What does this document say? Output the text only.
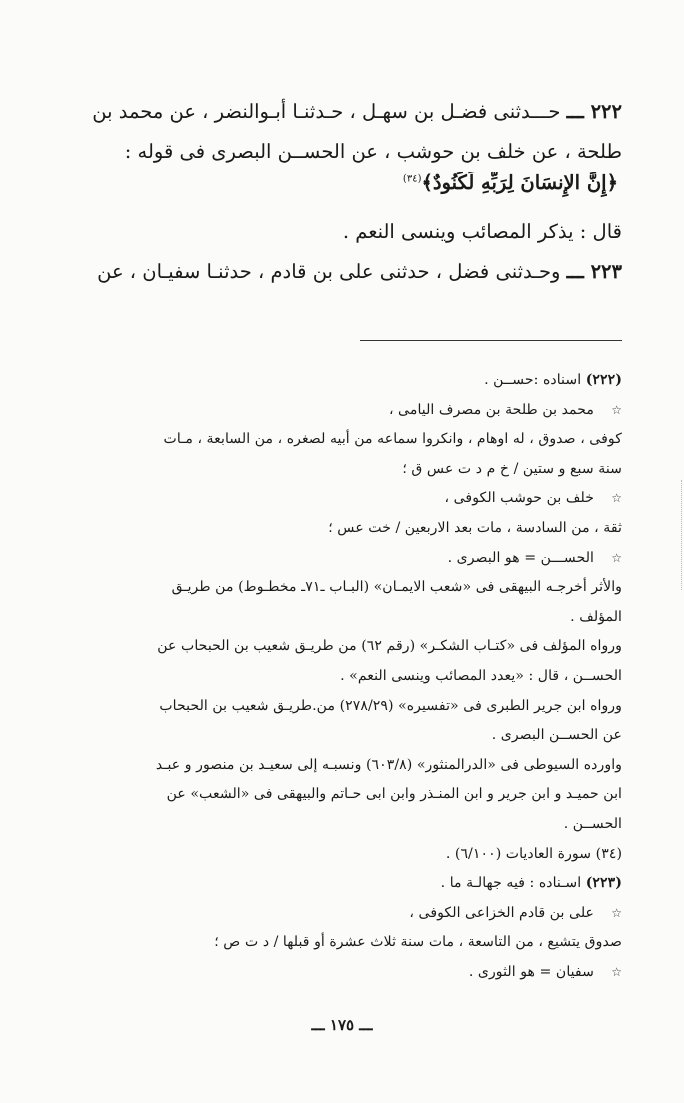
٢٢٢ ـــ حـــدثنى فضـل بن سهـل ، حـدثنـا أبـوالنضر ، عن محمد بن
طلحة ، عن خلف بن حوشب ، عن الحســن البصرى فى قوله :
﴿إِنَّ الإِنسَانَ لِرَبِّهِ لَكَنُودٌ﴾$^{(٣٤)}$
قال : يذكر المصائب وينسى النعم .
٢٢٣ ـــ وحـدثنى فضل ، حدثنى على بن قادم ، حدثنـا سفيـان ، عن
(٢٢٢) اسناده :حســن .
☆
محمد بن طلحة بن مصرف اليامى ،
كوفى ، صدوق ، له اوهام ، وانكروا سماعه من أبيه لصغره ، من السابعة ، مـات
سنة سبع و ستين / خ م د ت عس ق ؛
☆
خلف بن حوشب الكوفى ،
ثقة ، من السادسة ، مات بعد الاربعين / خت عس ؛
☆
الحســـن = هو البصرى .
والأثر أخرجـه البيهقى فى «شعب الايمـان» (البـاب ـ٧١ـ مخطـوط) من طريـق
المؤلف .
ورواه المؤلف فى «كتـاب الشكـر» (رقم ٦٢) من طريـق شعيب بن الحبحاب عن
الحســن ، قال : «يعدد المصائب وينسى النعم» .
ورواه ابن جرير الطبرى فى «تفسيره» (٢٧٨/٢٩) من.طريـق شعيب بن الحبحاب
عن الحســن البصرى .
واورده السيوطى فى «الدرالمنثور» (٦٠٣/٨) ونسبـه إلى سعيـد بن منصور و عبـد
ابن حميـد و ابن جرير و ابن المنـذر وابن ابى حـاتم والبيهقى فى «الشعب» عن
الحســن .
(٣٤) سورة العاديات (٦/١٠٠) .
(٢٢٣) اسـناده : فيه جهالـة ما .
☆
على بن قادم الخزاعى الكوفى ،
صدوق يتشيع ، من التاسعة ، مات سنة ثلاث عشرة أو قبلها / د ت ص ؛
☆
سفيان = هو الثورى .
ـــ ١٧٥ ـــ
